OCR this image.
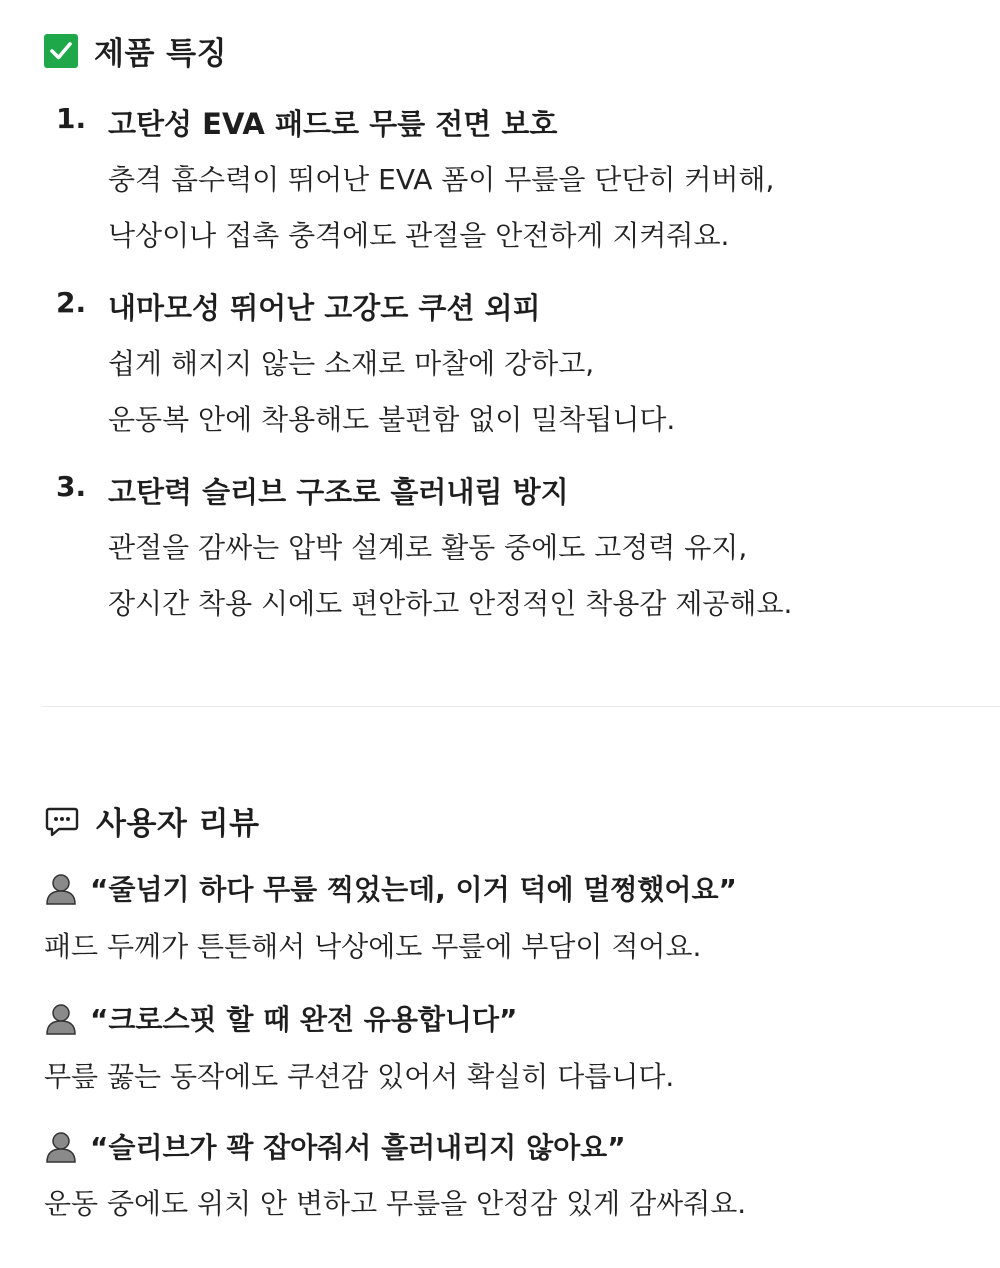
제품 특징
1. 고탄성 EVA 패드로 무릎 전면 보호
충격 흡수력이 뛰어난 EVA 폼이 무릎을 단단히 커버해,
낙상이나 접촉 충격에도 관절을 안전하게 지켜줘요.
2. 내마모성 뛰어난 고강도 쿠션 외피
쉽게 해지지 않는 소재로 마찰에 강하고,
운동복 안에 착용해도 불편함 없이 밀착됩니다.
3. 고탄력 슬리브 구조로 흘러내림 방지
관절을 감싸는 압박 설계로 활동 중에도 고정력 유지,
장시간 착용 시에도 편안하고 안정적인 착용감 제공해요.
사용자 리뷰
“줄넘기 하다 무릎 찍었는데, 이거 덕에 멀쩡했어요”
패드 두께가 튼튼해서 낙상에도 무릎에 부담이 적어요.
“크로스핏 할 때 완전 유용합니다”
무릎 꿇는 동작에도 쿠션감 있어서 확실히 다릅니다.
“슬리브가 꽉 잡아줘서 흘러내리지 않아요”
운동 중에도 위치 안 변하고 무릎을 안정감 있게 감싸줘요.
